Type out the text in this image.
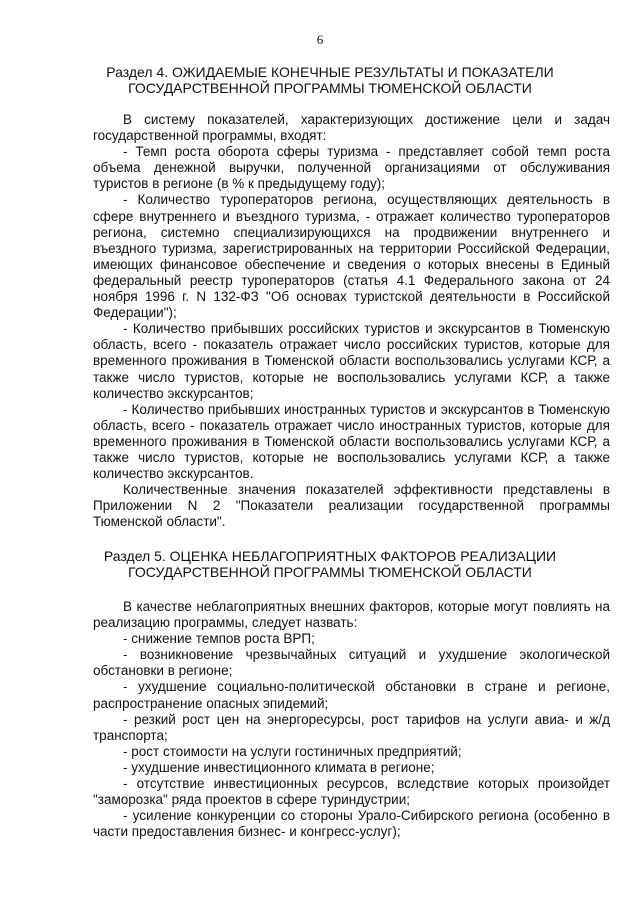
6
Раздел 4. ОЖИДАЕМЫЕ КОНЕЧНЫЕ РЕЗУЛЬТАТЫ И ПОКАЗАТЕЛИ
ГОСУДАРСТВЕННОЙ ПРОГРАММЫ ТЮМЕНСКОЙ ОБЛАСТИ

В систему показателей, характеризующих достижение цели и задач государственной программы, входят:

- Темп роста оборота сферы туризма - представляет собой темп роста объема денежной выручки, полученной организациями от обслуживания туристов в регионе (в % к предыдущему году);

- Количество туроператоров региона, осуществляющих деятельность в сфере внутреннего и въездного туризма, - отражает количество туроператоров региона, системно специализирующихся на продвижении внутреннего и въездного туризма, зарегистрированных на территории Российской Федерации, имеющих финансовое обеспечение и сведения о которых внесены в Единый федеральный реестр туроператоров (статья 4.1 Федерального закона от 24 ноября 1996 г. N 132-ФЗ "Об основах туристской деятельности в Российской Федерации");

- Количество прибывших российских туристов и экскурсантов в Тюменскую область, всего - показатель отражает число российских туристов, которые для временного проживания в Тюменской области воспользовались услугами КСР, а также число туристов, которые не воспользовались услугами КСР, а также количество экскурсантов;

- Количество прибывших иностранных туристов и экскурсантов в Тюменскую область, всего - показатель отражает число иностранных туристов, которые для временного проживания в Тюменской области воспользовались услугами КСР, а также число туристов, которые не воспользовались услугами КСР, а также количество экскурсантов.

Количественные значения показателей эффективности представлены в Приложении N 2 "Показатели реализации государственной программы Тюменской области".

Раздел 5. ОЦЕНКА НЕБЛАГОПРИЯТНЫХ ФАКТОРОВ РЕАЛИЗАЦИИ
ГОСУДАРСТВЕННОЙ ПРОГРАММЫ ТЮМЕНСКОЙ ОБЛАСТИ

В качестве неблагоприятных внешних факторов, которые могут повлиять на реализацию программы, следует назвать:

- снижение темпов роста ВРП;

- возникновение чрезвычайных ситуаций и ухудшение экологической обстановки в регионе;

- ухудшение социально-политической обстановки в стране и регионе, распространение опасных эпидемий;

- резкий рост цен на энергоресурсы, рост тарифов на услуги авиа- и ж/д транспорта;

- рост стоимости на услуги гостиничных предприятий;

- ухудшение инвестиционного климата в регионе;

- отсутствие инвестиционных ресурсов, вследствие которых произойдет "заморозка" ряда проектов в сфере туриндустрии;

- усиление конкуренции со стороны Урало-Сибирского региона (особенно в части предоставления бизнес- и конгресс-услуг);
